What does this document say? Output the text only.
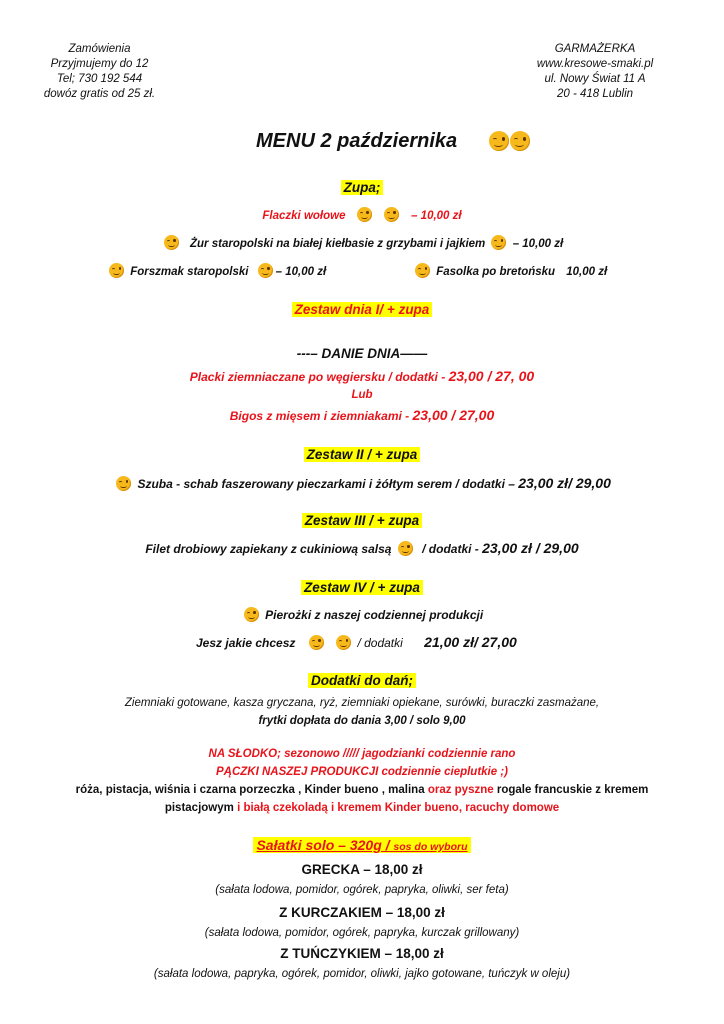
Zamówienia
Przyjmujemy do 12
Tel; 730 192 544
dowóz gratis od 25 zł.
GARMAŻERKA
www.kresowe-smaki.pl
ul. Nowy Świat 11 A
20 - 418 Lublin
MENU 2 października
Zupa;
Flaczki wołowe
	– 10,00 zł
Żur staropolski na białej kiełbasie z grzybami i jajkiem – 10,00 zł
Forszmak staropolski – 10,00 zł	Fasolka po bretońsku 10,00 zł
Zestaw dnia I/ + zupa
---– DANIE DNIA——
Placki ziemniaczane po węgiersku / dodatki - 23,00 / 27, 00
Lub
Bigos z mięsem i ziemniakami - 23,00 / 27,00
Zestaw II / + zupa
Szuba - schab faszerowany pieczarkami i żółtym serem / dodatki – 23,00 zł/ 29,00
Zestaw III / + zupa
Filet drobiowy zapiekany z cukiniową salsą	/ dodatki - 23,00 zł / 29,00
Zestaw IV / + zupa
Pierożki z naszej codziennej produkcji
Jesz jakie chcesz
	/ dodatki 21,00 zł/ 27,00
Dodatki do dań;
Ziemniaki gotowane, kasza gryczana, ryż, ziemniaki opiekane, surówki, buraczki zasmażane,
frytki dopłata do dania 3,00 / solo 9,00
NA SŁODKO; sezonowo ///// jagodzianki codziennie rano
PĄCZKI NASZEJ PRODUKCJI codziennie cieplutkie ;)
róża, pistacja, wiśnia i czarna porzeczka , Kinder bueno , malina oraz pyszne rogale francuskie z kremem
pistacjowym i białą czekoladą i kremem Kinder bueno, racuchy domowe
Sałatki solo – 320g / sos do wyboru
GRECKA – 18,00 zł
(sałata lodowa, pomidor, ogórek, papryka, oliwki, ser feta)
Z KURCZAKIEM – 18,00 zł
(sałata lodowa, pomidor, ogórek, papryka, kurczak grillowany)
Z TUŃCZYKIEM – 18,00 zł
(sałata lodowa, papryka, ogórek, pomidor, oliwki, jajko gotowane, tuńczyk w oleju)
